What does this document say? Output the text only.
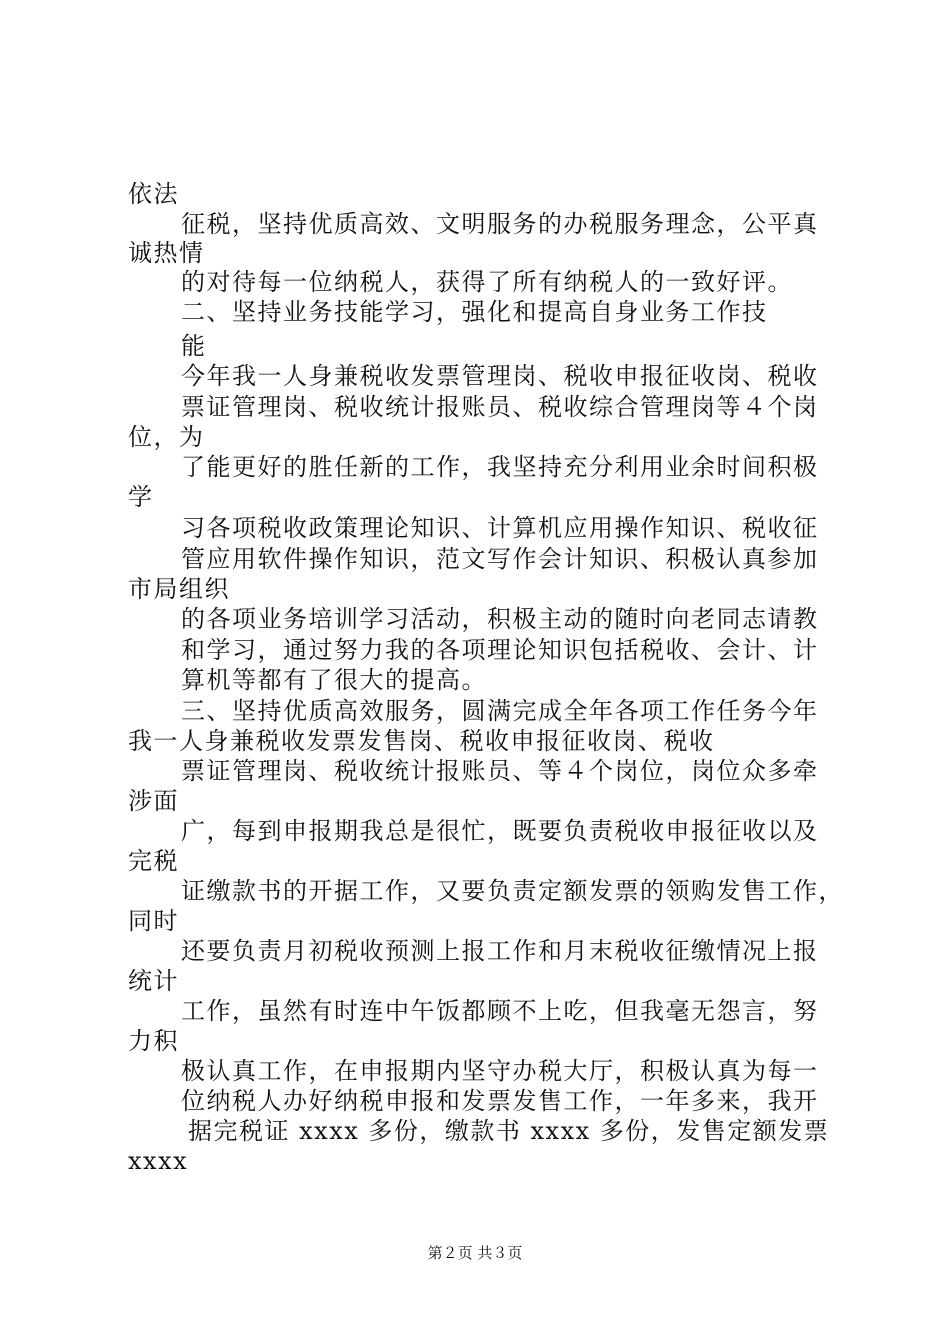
依法
征税，坚持优质高效、文明服务的办税服务理念，公平真
诚热情
的对待每一位纳税人，获得了所有纳税人的一致好评。
二、坚持业务技能学习，强化和提高自身业务工作技
能
今年我一人身兼税收发票管理岗、税收申报征收岗、税收
票证管理岗、税收统计报账员、税收综合管理岗等４个岗
位，为
了能更好的胜任新的工作，我坚持充分利用业余时间积极
学
习各项税收政策理论知识、计算机应用操作知识、税收征
管应用软件操作知识，范文写作会计知识、积极认真参加
市局组织
的各项业务培训学习活动，积极主动的随时向老同志请教
和学习，通过努力我的各项理论知识包括税收、会计、计
算机等都有了很大的提高。
三、坚持优质高效服务，圆满完成全年各项工作任务今年
我一人身兼税收发票发售岗、税收申报征收岗、税收
票证管理岗、税收统计报账员、等４个岗位，岗位众多牵
涉面
广，每到申报期我总是很忙，既要负责税收申报征收以及
完税
证缴款书的开据工作，又要负责定额发票的领购发售工作，
同时
还要负责月初税收预测上报工作和月末税收征缴情况上报
统计
工作，虽然有时连中午饭都顾不上吃，但我毫无怨言，努
力积
极认真工作，在申报期内坚守办税大厅，积极认真为每一
位纳税人办好纳税申报和发票发售工作，一年多来，我开
据完税证 xxxx 多份，缴款书 xxxx 多份，发售定额发票
xxxx
第２页 共３页
